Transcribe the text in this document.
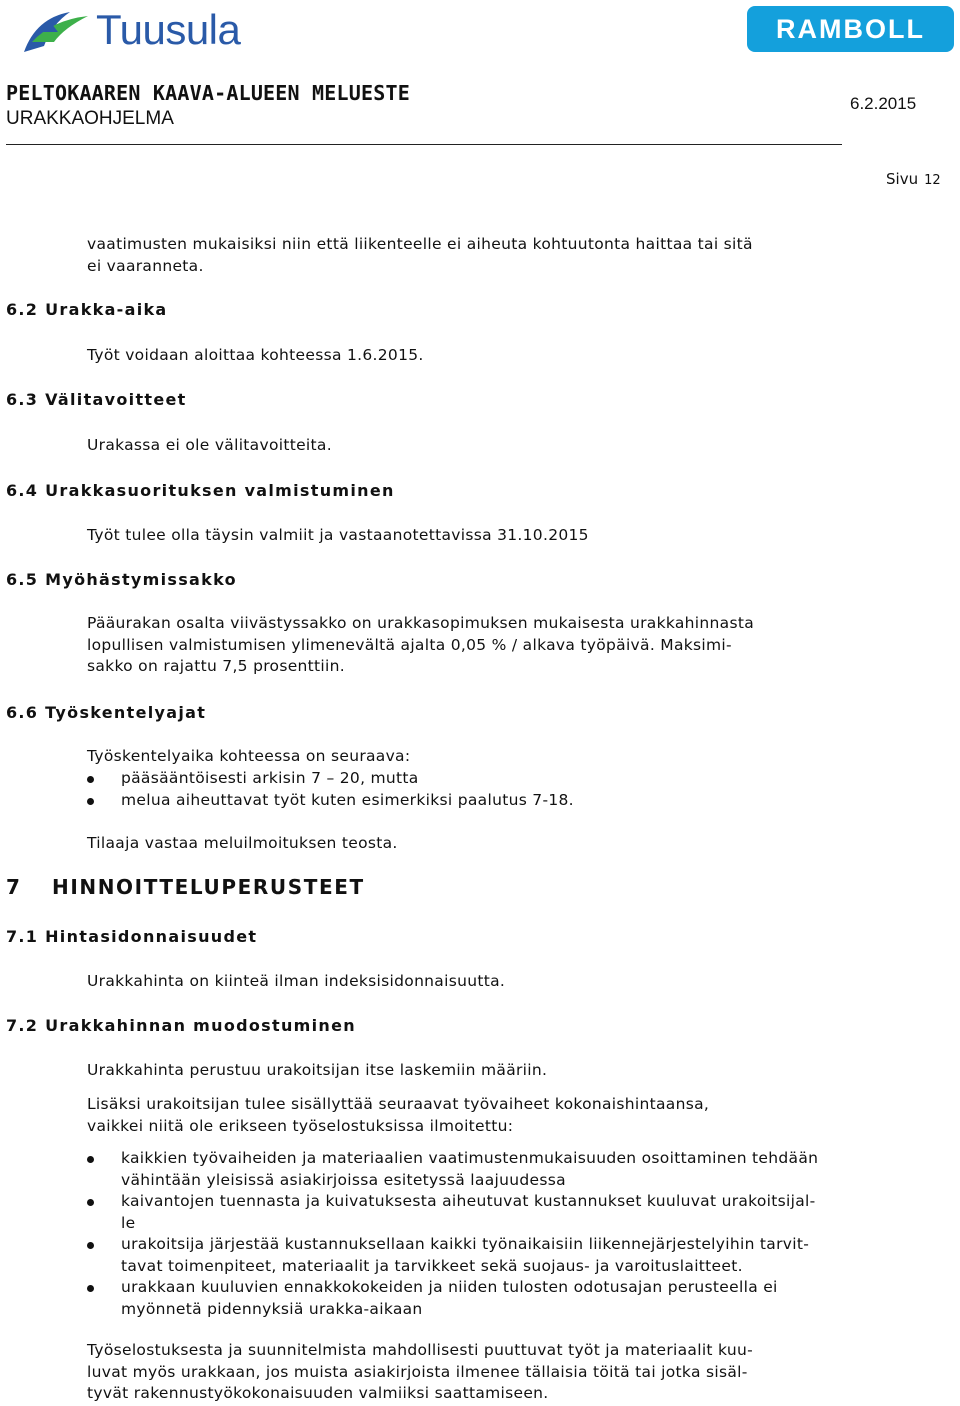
Tuusula	RAMBOLL
PELTOKAAREN KAAVA-ALUEEN MELUESTE
URAKKAOHJELMA
6.2.2015
Sivu 12
vaatimusten mukaisiksi niin että liikenteelle ei aiheuta kohtuutonta haittaa tai sitä
ei vaaranneta.
6.2 Urakka-aika
Työt voidaan aloittaa kohteessa 1.6.2015.
6.3 Välitavoitteet
Urakassa ei ole välitavoitteita.
6.4 Urakkasuorituksen valmistuminen
Työt tulee olla täysin valmiit ja vastaanotettavissa 31.10.2015
6.5 Myöhästymissakko
Pääurakan osalta viivästyssakko on urakkasopimuksen mukaisesta urakkahinnasta
lopullisen valmistumisen ylimenevältä ajalta 0,05 % / alkava työpäivä. Maksimi-
sakko on rajattu 7,5 prosenttiin.
6.6 Työskentelyajat
Työskentelyaika kohteessa on seuraava:
pääsääntöisesti arkisin 7 – 20, mutta
melua aiheuttavat työt kuten esimerkiksi paalutus 7-18.
Tilaaja vastaa meluilmoituksen teosta.
7 HINNOITTELUPERUSTEET
7.1 Hintasidonnaisuudet
Urakkahinta on kiinteä ilman indeksisidonnaisuutta.
7.2 Urakkahinnan muodostuminen
Urakkahinta perustuu urakoitsijan itse laskemiin määriin.
Lisäksi urakoitsijan tulee sisällyttää seuraavat työvaiheet kokonaishintaansa,
vaikkei niitä ole erikseen työselostuksissa ilmoitettu:
kaikkien työvaiheiden ja materiaalien vaatimustenmukaisuuden osoittaminen tehdään
vähintään yleisissä asiakirjoissa esitetyssä laajuudessa
kaivantojen tuennasta ja kuivatuksesta aiheutuvat kustannukset kuuluvat urakoitsijal-
le
urakoitsija järjestää kustannuksellaan kaikki työnaikaisiin liikennejärjestelyihin tarvit-
tavat toimenpiteet, materiaalit ja tarvikkeet sekä suojaus- ja varoituslaitteet.
urakkaan kuuluvien ennakkokokeiden ja niiden tulosten odotusajan perusteella ei
myönnetä pidennyksiä urakka-aikaan
Työselostuksesta ja suunnitelmista mahdollisesti puuttuvat työt ja materiaalit kuu-
luvat myös urakkaan, jos muista asiakirjoista ilmenee tällaisia töitä tai jotka sisäl-
tyvät rakennustyökokonaisuuden valmiiksi saattamiseen.
